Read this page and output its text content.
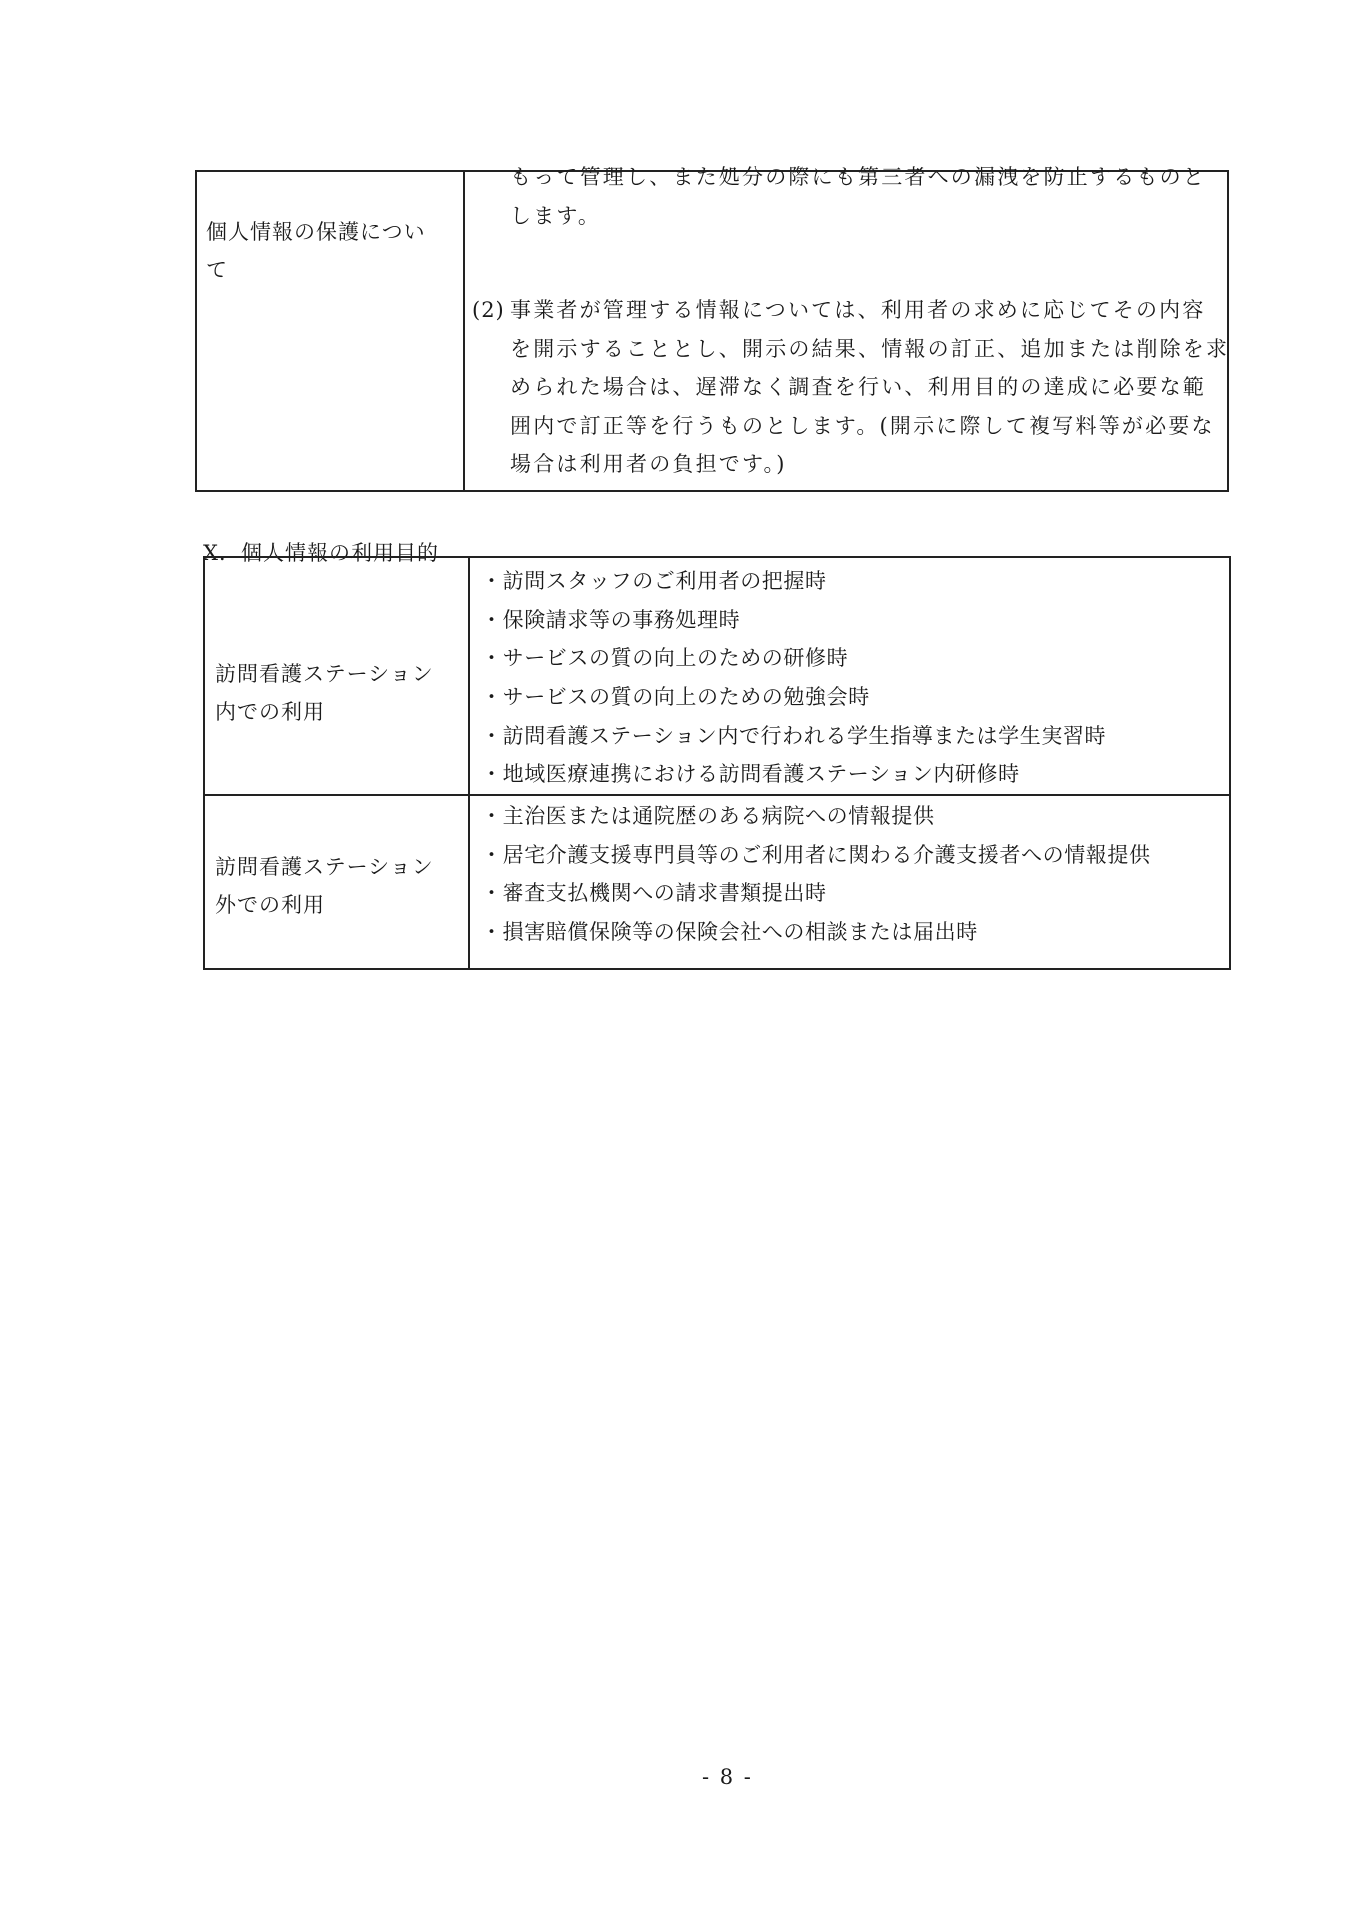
個人情報の保護につい
て
もって管理し、また処分の際にも第三者への漏洩を防止するものと
します。
(2) 事業者が管理する情報については、利用者の求めに応じてその内容
を開示することとし、開示の結果、情報の訂正、追加または削除を求
められた場合は、遅滞なく調査を行い、利用目的の達成に必要な範
囲内で訂正等を行うものとします。(開示に際して複写料等が必要な
場合は利用者の負担です。)
X．個人情報の利用目的
訪問看護ステーション
内での利用
・訪問スタッフのご利用者の把握時
・保険請求等の事務処理時
・サービスの質の向上のための研修時
・サービスの質の向上のための勉強会時
・訪問看護ステーション内で行われる学生指導または学生実習時
・地域医療連携における訪問看護ステーション内研修時
訪問看護ステーション
外での利用
・主治医または通院歴のある病院への情報提供
・居宅介護支援専門員等のご利用者に関わる介護支援者への情報提供
・審査支払機関への請求書類提出時
・損害賠償保険等の保険会社への相談または届出時
- 8 -
